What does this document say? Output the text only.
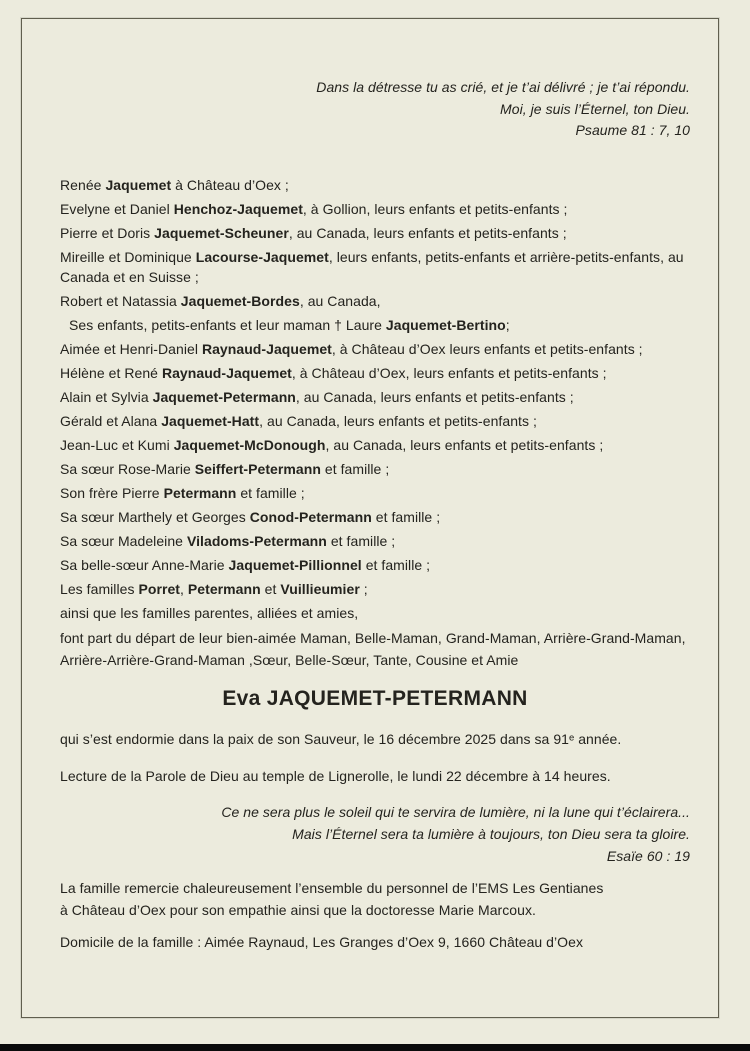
Dans la détresse tu as crié, et je t’ai délivré ; je t’ai répondu.
Moi, je suis l’Éternel, ton Dieu.
Psaume 81 : 7, 10
Renée Jaquemet à Château d’Oex ;
Evelyne et Daniel Henchoz-Jaquemet, à Gollion, leurs enfants et petits-enfants ;
Pierre et Doris Jaquemet-Scheuner, au Canada, leurs enfants et petits-enfants ;
Mireille et Dominique Lacourse-Jaquemet, leurs enfants, petits-enfants et arrière-petits-enfants, au Canada et en Suisse ;
Robert et Natassia Jaquemet-Bordes, au Canada,
Ses enfants, petits-enfants et leur maman † Laure Jaquemet-Bertino;
Aimée et Henri-Daniel Raynaud-Jaquemet, à Château d’Oex leurs enfants et petits-enfants ;
Hélène et René Raynaud-Jaquemet, à Château d’Oex, leurs enfants et petits-enfants ;
Alain et Sylvia Jaquemet-Petermann, au Canada, leurs enfants et petits-enfants ;
Gérald et Alana Jaquemet-Hatt, au Canada, leurs enfants et petits-enfants ;
Jean-Luc et Kumi Jaquemet-McDonough, au Canada, leurs enfants et petits-enfants ;
Sa sœur Rose-Marie Seiffert-Petermann et famille ;
Son frère Pierre Petermann et famille ;
Sa sœur Marthely et Georges Conod-Petermann et famille ;
Sa sœur Madeleine Viladoms-Petermann et famille ;
Sa belle-sœur Anne-Marie Jaquemet-Pillionnel et famille ;
Les familles Porret, Petermann et Vuillieumier ;
ainsi que les familles parentes, alliées et amies,
font part du départ de leur bien-aimée Maman, Belle-Maman, Grand-Maman, Arrière-Grand-Maman,
Arrière-Arrière-Grand-Maman ,Sœur, Belle-Sœur, Tante, Cousine et Amie
Eva JAQUEMET-PETERMANN

qui s’est endormie dans la paix de son Sauveur, le 16 décembre 2025 dans sa 91ᵉ année.

Lecture de la Parole de Dieu au temple de Lignerolle, le lundi 22 décembre à 14 heures.

Ce ne sera plus le soleil qui te servira de lumière, ni la lune qui t’éclairera...
Mais l’Éternel sera ta lumière à toujours, ton Dieu sera ta gloire.
Esaïe 60 : 19
La famille remercie chaleureusement l’ensemble du personnel de l’EMS Les Gentianes
à Château d’Oex pour son empathie ainsi que la doctoresse Marie Marcoux.

Domicile de la famille : Aimée Raynaud, Les Granges d’Oex 9, 1660 Château d’Oex
